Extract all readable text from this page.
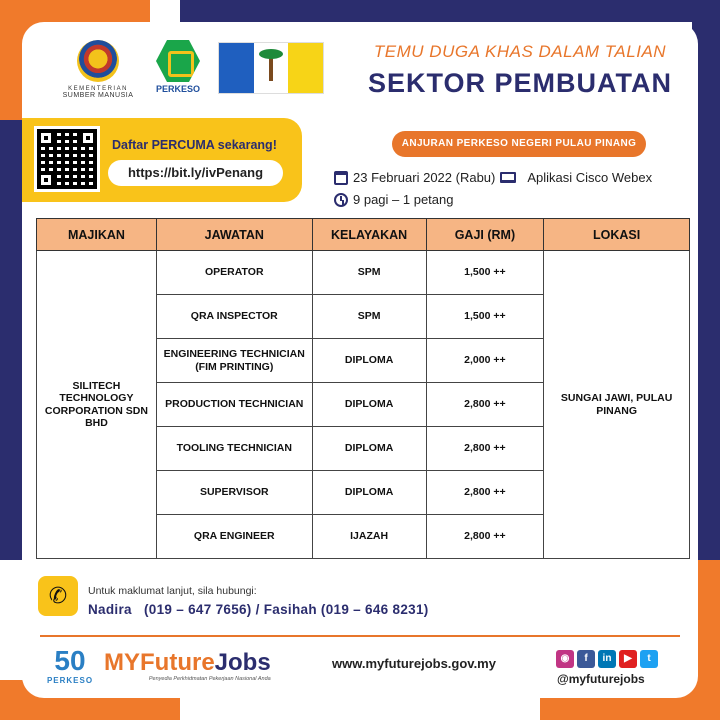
KEMENTERIAN
SUMBER MANUSIA
PERKESO
TEMU DUGA KHAS DALAM TALIAN
SEKTOR PEMBUATAN
Daftar PERCUMA sekarang!
https://bit.ly/ivPenang
ANJURAN PERKESO NEGERI PULAU PINANG
23 Februari 2022 (Rabu) Aplikasi Cisco Webex
9 pagi – 1 petang
MAJIKAN	JAWATAN	KELAYAKAN	GAJI (RM)	LOKASI
SILITECH TECHNOLOGY CORPORATION SDN BHD	OPERATOR	SPM	1,500 ++	SUNGAI JAWI, PULAU PINANG
	QRA INSPECTOR	SPM	1,500 ++	
	ENGINEERING TECHNICIAN (FIM PRINTING)	DIPLOMA	2,000 ++	
	PRODUCTION TECHNICIAN	DIPLOMA	2,800 ++	
	TOOLING TECHNICIAN	DIPLOMA	2,800 ++	
	SUPERVISOR	DIPLOMA	2,800 ++	
	QRA ENGINEER	IJAZAH	2,800 ++	
✆ Untuk maklumat lanjut, sila hubungi:
Nadira   (019 – 647 7656) / Fasihah (019 – 646 8231)
50
PERKESO
MYFutureJobs
Penyedia Perkhidmatan Pekerjaan Nasional Anda
www.myfuturejobs.gov.my	◉	f	in	▶	t
@myfuturejobs
